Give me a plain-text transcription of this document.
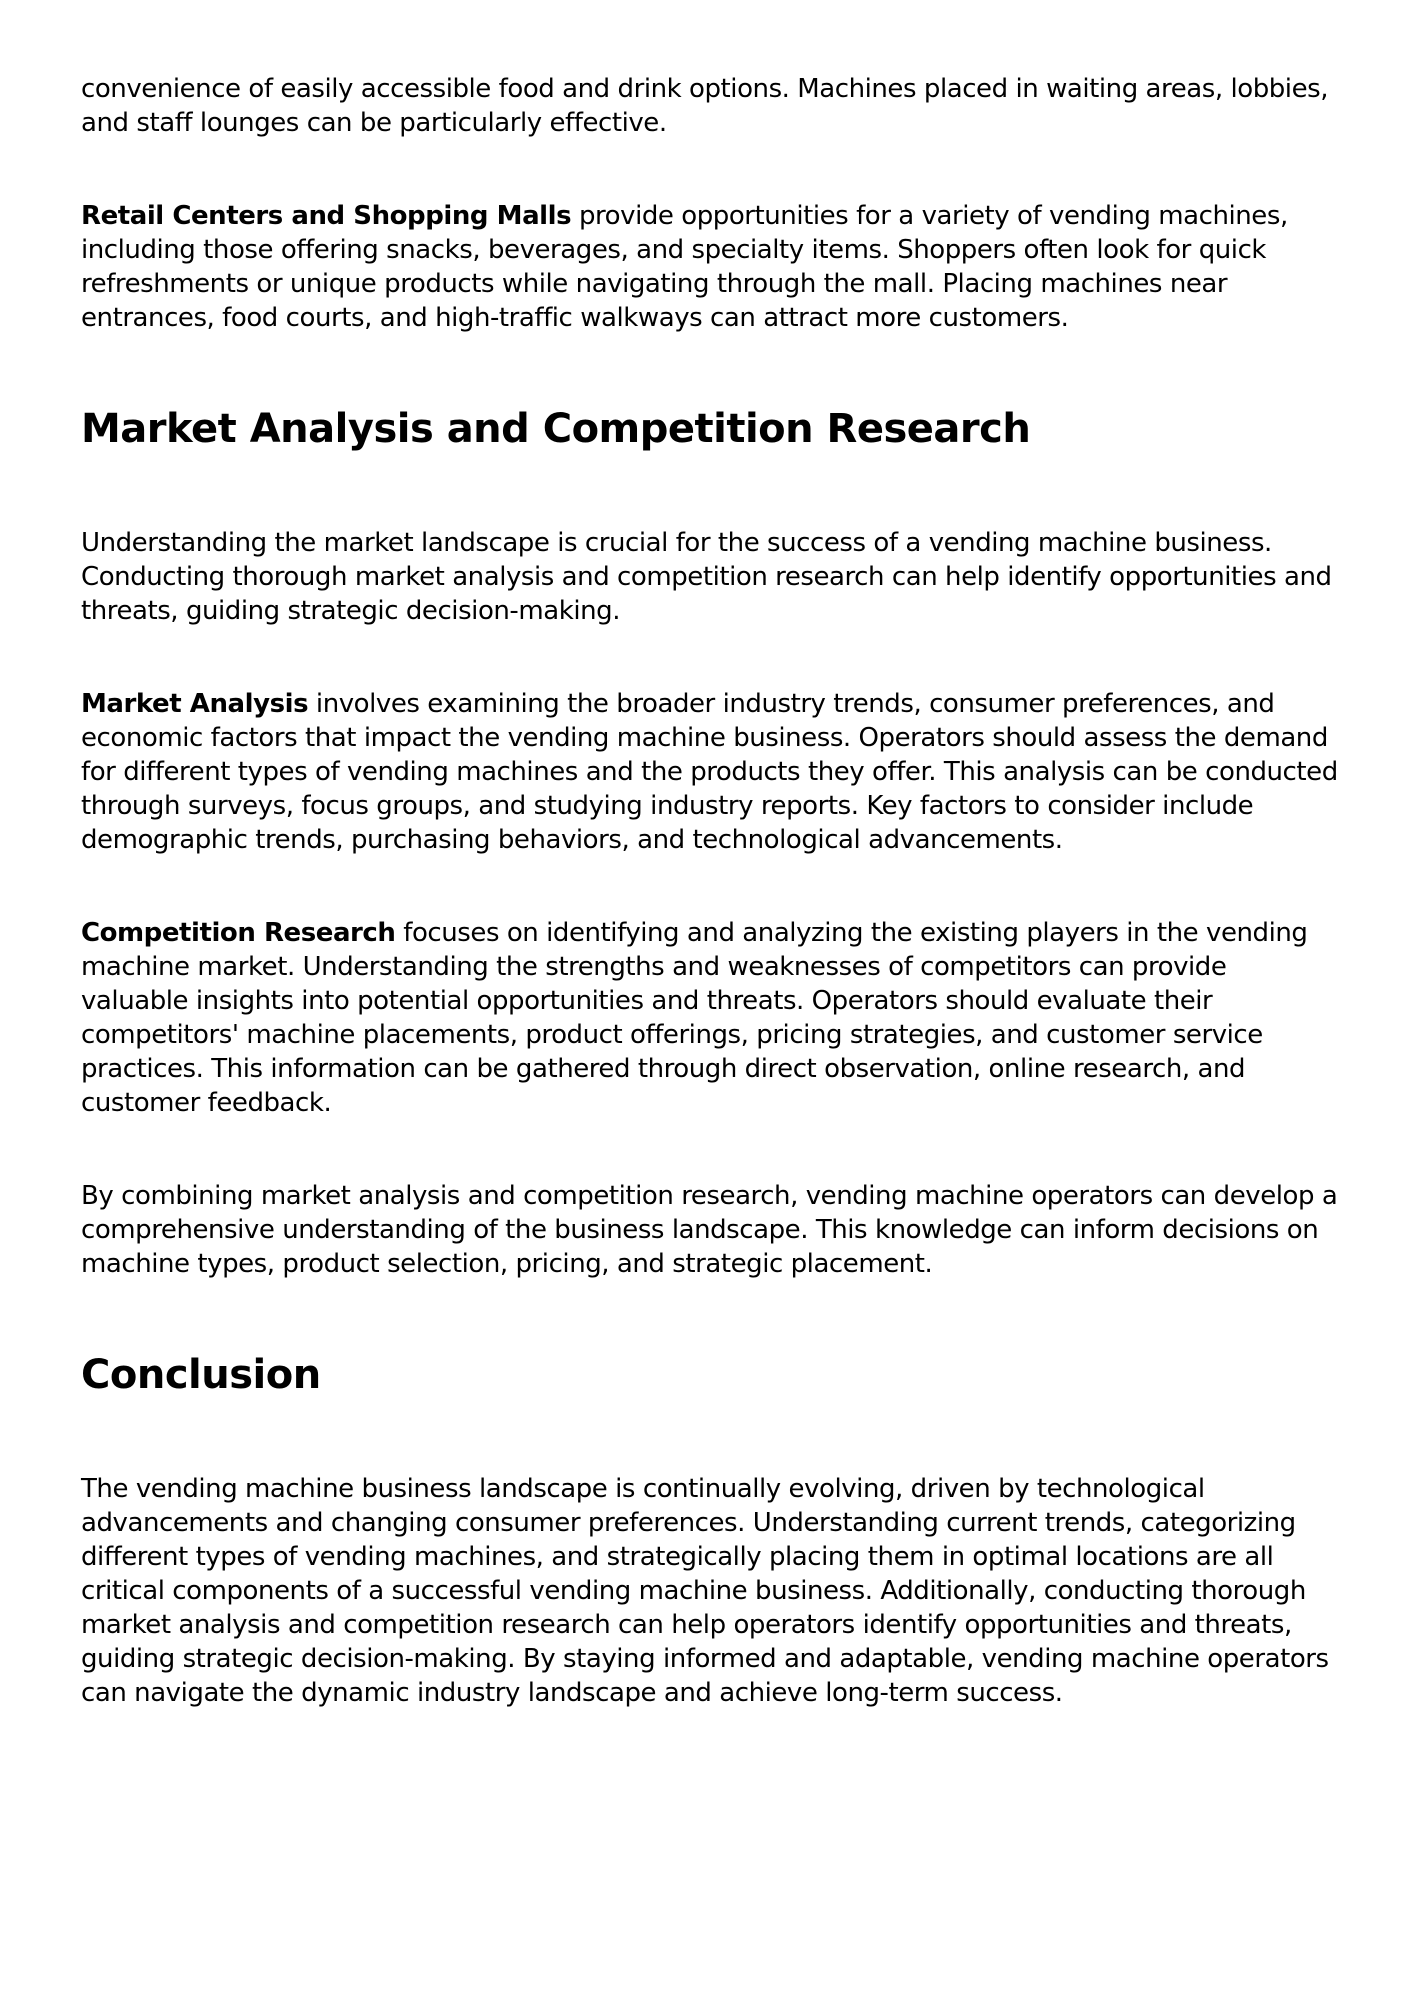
convenience of easily accessible food and drink options. Machines placed in waiting areas, lobbies, and staff lounges can be particularly effective.

Retail Centers and Shopping Malls provide opportunities for a variety of vending machines, including those offering snacks, beverages, and specialty items. Shoppers often look for quick refreshments or unique products while navigating through the mall. Placing machines near entrances, food courts, and high-traffic walkways can attract more customers.

Market Analysis and Competition Research

Understanding the market landscape is crucial for the success of a vending machine business. Conducting thorough market analysis and competition research can help identify opportunities and threats, guiding strategic decision-making.

Market Analysis involves examining the broader industry trends, consumer preferences, and economic factors that impact the vending machine business. Operators should assess the demand for different types of vending machines and the products they offer. This analysis can be conducted through surveys, focus groups, and studying industry reports. Key factors to consider include demographic trends, purchasing behaviors, and technological advancements.

Competition Research focuses on identifying and analyzing the existing players in the vending machine market. Understanding the strengths and weaknesses of competitors can provide valuable insights into potential opportunities and threats. Operators should evaluate their competitors' machine placements, product offerings, pricing strategies, and customer service practices. This information can be gathered through direct observation, online research, and customer feedback.

By combining market analysis and competition research, vending machine operators can develop a comprehensive understanding of the business landscape. This knowledge can inform decisions on machine types, product selection, pricing, and strategic placement.

Conclusion

The vending machine business landscape is continually evolving, driven by technological advancements and changing consumer preferences. Understanding current trends, categorizing different types of vending machines, and strategically placing them in optimal locations are all critical components of a successful vending machine business. Additionally, conducting thorough market analysis and competition research can help operators identify opportunities and threats, guiding strategic decision-making. By staying informed and adaptable, vending machine operators can navigate the dynamic industry landscape and achieve long-term success.
